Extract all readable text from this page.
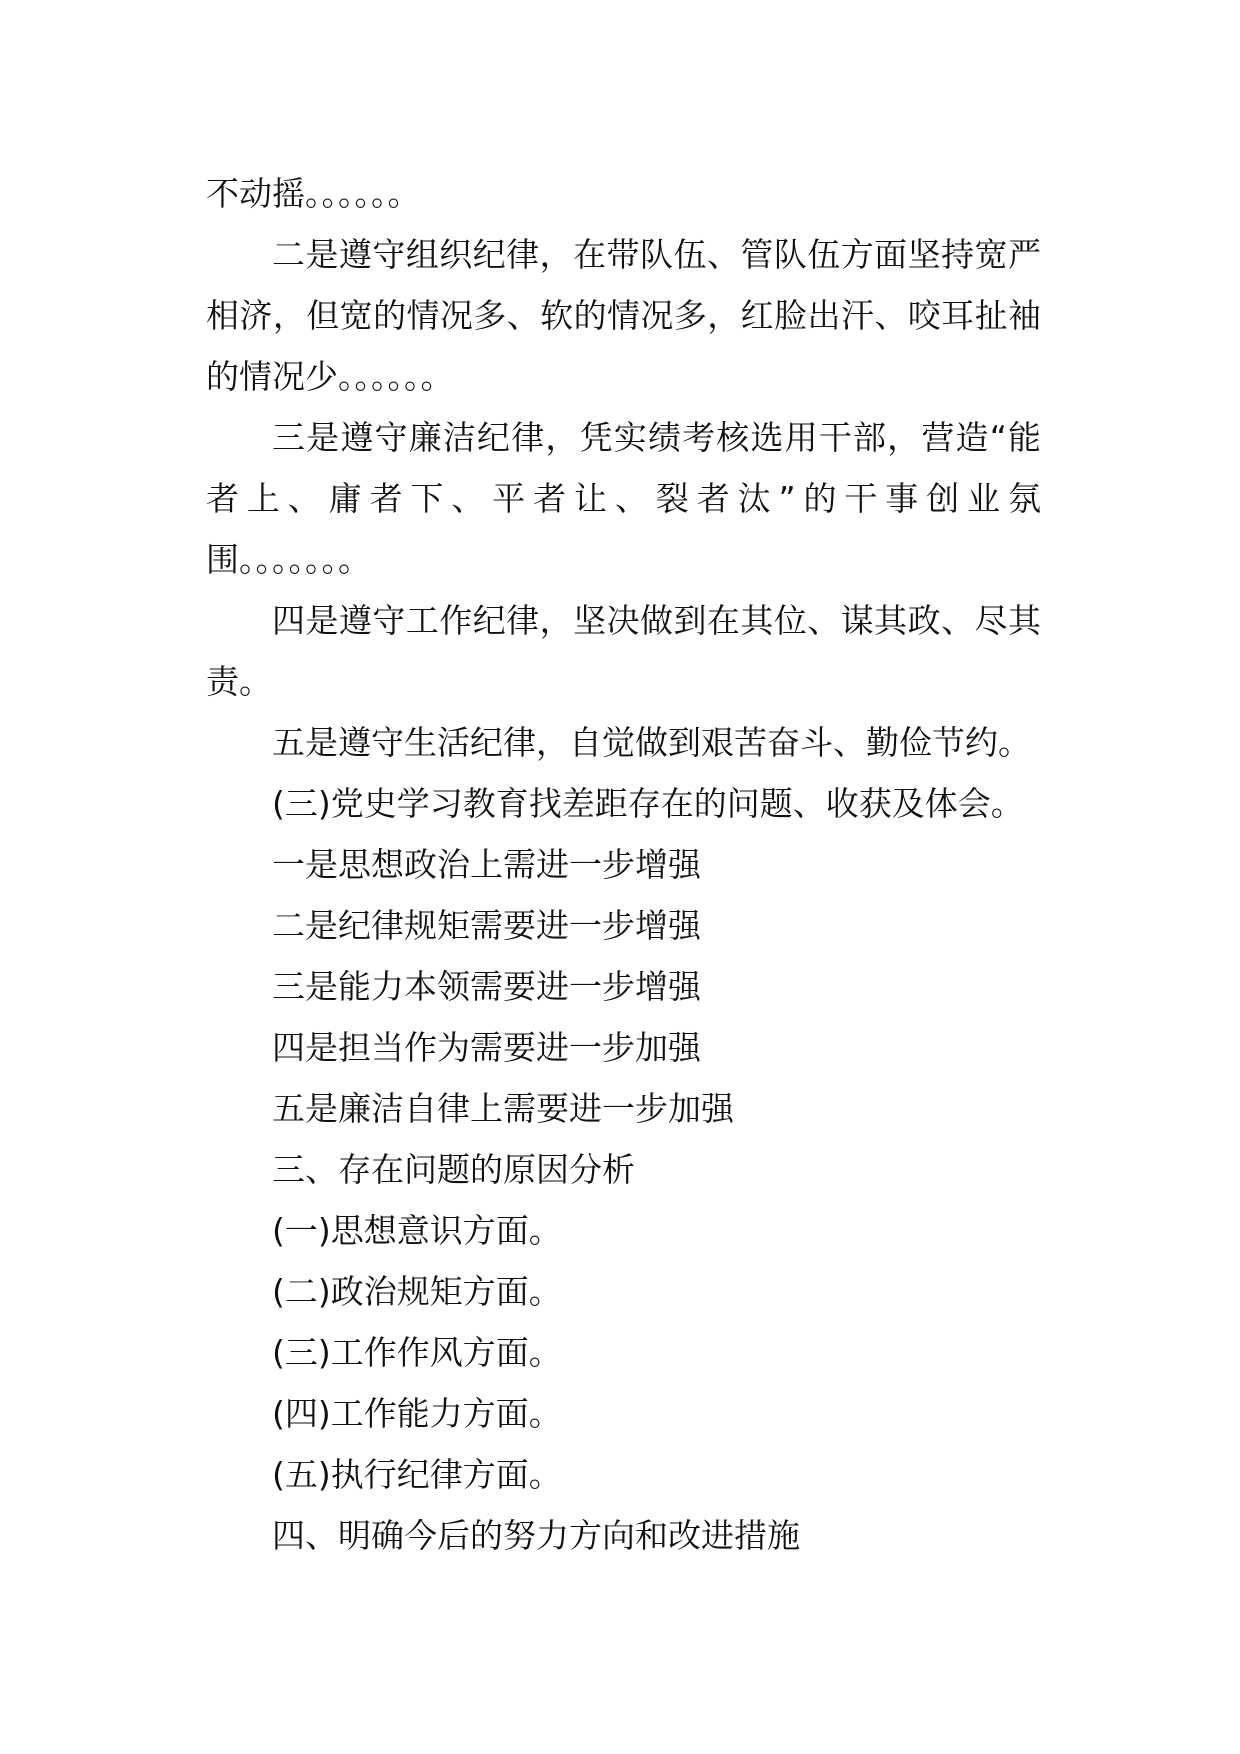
不动摇。。。。。。

二是遵守组织纪律，在带队伍、管队伍方面坚持宽严相济，但宽的情况多、软的情况多，红脸出汗、咬耳扯袖的情况少。。。。。。

三是遵守廉洁纪律，凭实绩考核选用干部，营造“能者上、庸者下、平者让、裂者汰”的干事创业氛围。。。。。。。

四是遵守工作纪律，坚决做到在其位、谋其政、尽其责。

五是遵守生活纪律，自觉做到艰苦奋斗、勤俭节约。

(三)党史学习教育找差距存在的问题、收获及体会。

一是思想政治上需进一步增强

二是纪律规矩需要进一步增强

三是能力本领需要进一步增强

四是担当作为需要进一步加强

五是廉洁自律上需要进一步加强

三、存在问题的原因分析

(一)思想意识方面。

(二)政治规矩方面。

(三)工作作风方面。

(四)工作能力方面。

(五)执行纪律方面。

四、明确今后的努力方向和改进措施
